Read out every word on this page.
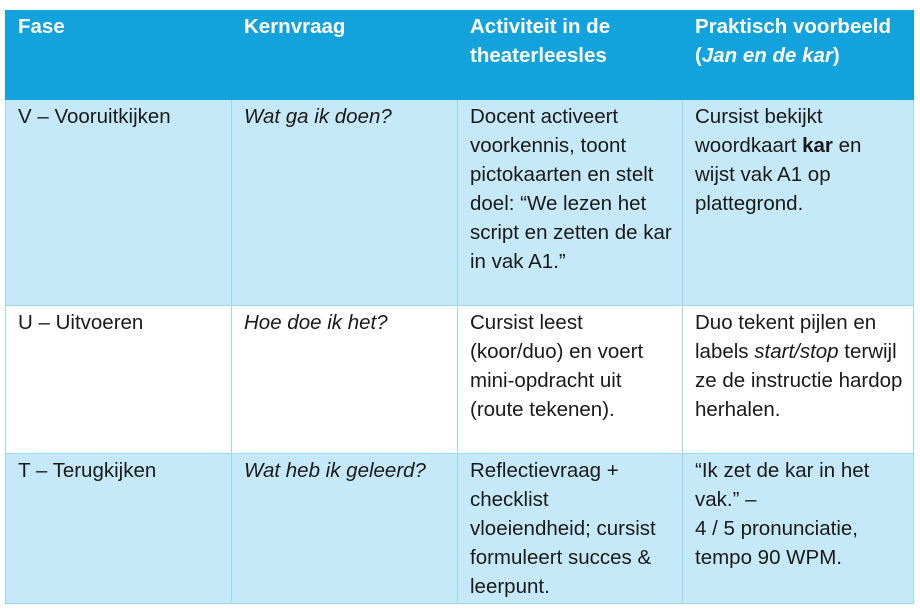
Fase	Kernvraag	Activiteit in de theaterleesles	Praktisch voorbeeld (Jan en de kar)
V – Vooruitkijken	Wat ga ik doen?	Docent activeert voorkennis, toont pictokaarten en stelt doel: “We lezen het script en zetten de kar in vak A1.”	Cursist bekijkt woordkaart kar en wijst vak A1 op plattegrond.
U – Uitvoeren	Hoe doe ik het?	Cursist leest (koor/duo) en voert mini-opdracht uit (route tekenen).	Duo tekent pijlen en labels start/stop terwijl ze de instructie hardop herhalen.
T – Terugkijken	Wat heb ik geleerd?	Reflectievraag + checklist vloeiendheid; cursist formuleert succes & leerpunt.	“Ik zet de kar in het vak.” –
4 / 5 pronunciatie, tempo 90 WPM.
